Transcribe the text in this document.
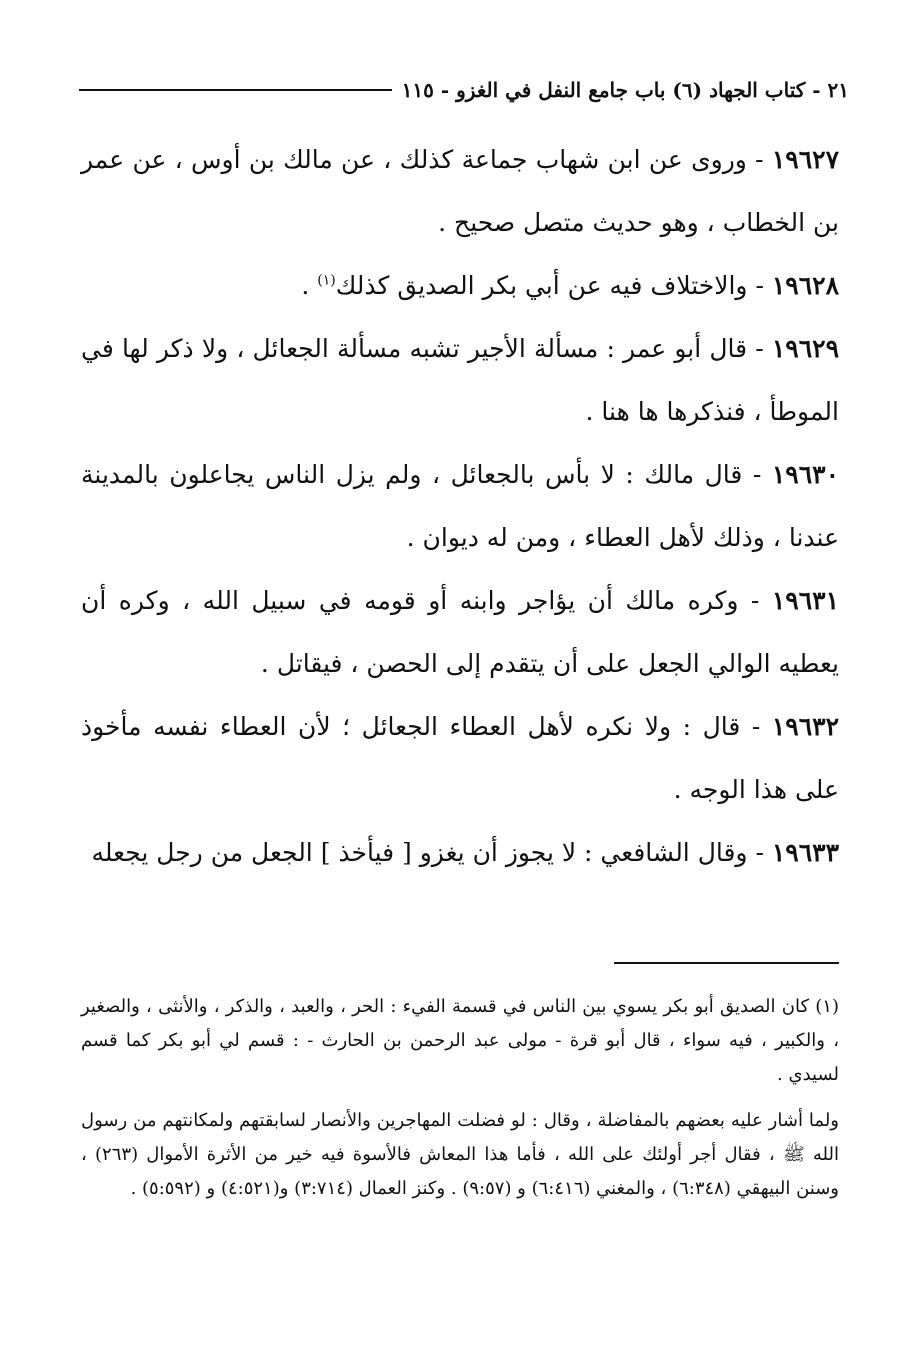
٢١ - كتاب الجهاد (٦) باب جامع النفل في الغزو - ١١٥

١٩٦٢٧ - وروى عن ابن شهاب جماعة كذلك ، عن مالك بن أوس ، عن عمر بن الخطاب ، وهو حديث متصل صحيح .

١٩٦٢٨ - والاختلاف فيه عن أبي بكر الصديق كذلك$^{(١)}$ .

١٩٦٢٩ - قال أبو عمر : مسألة الأجير تشبه مسألة الجعائل ، ولا ذكر لها في الموطأ ، فنذكرها ها هنا .

١٩٦٣٠ - قال مالك : لا بأس بالجعائل ، ولم يزل الناس يجاعلون بالمدينة عندنا ، وذلك لأهل العطاء ، ومن له ديوان .

١٩٦٣١ - وكره مالك أن يؤاجر وابنه أو قومه في سبيل الله ، وكره أن يعطيه الوالي الجعل على أن يتقدم إلى الحصن ، فيقاتل .

١٩٦٣٢ - قال : ولا نكره لأهل العطاء الجعائل ؛ لأن العطاء نفسه مأخوذ على هذا الوجه .

١٩٦٣٣ - وقال الشافعي : لا يجوز أن يغزو [ فيأخذ ] الجعل من رجل يجعله

(١) كان الصديق أبو بكر يسوي بين الناس في قسمة الفيء : الحر ، والعبد ، والذكر ، والأنثى ، والصغير ، والكبير ، فيه سواء ، قال أبو قرة - مولى عبد الرحمن بن الحارث - : قسم لي أبو بكر كما قسم لسيدي .

ولما أشار عليه بعضهم بالمفاضلة ، وقال : لو فضلت المهاجرين والأنصار لسابقتهم ولمكانتهم من رسول الله ﷺ ، فقال أجر أولئك على الله ، فأما هذا المعاش فالأسوة فيه خير من الأثرة الأموال (٢٦٣) ، وسنن البيهقي (٦:٣٤٨) ، والمغني (٦:٤١٦) و (٩:٥٧) . وكنز العمال (٣:٧١٤) و(٤:٥٢١) و (٥:٥٩٢) .
